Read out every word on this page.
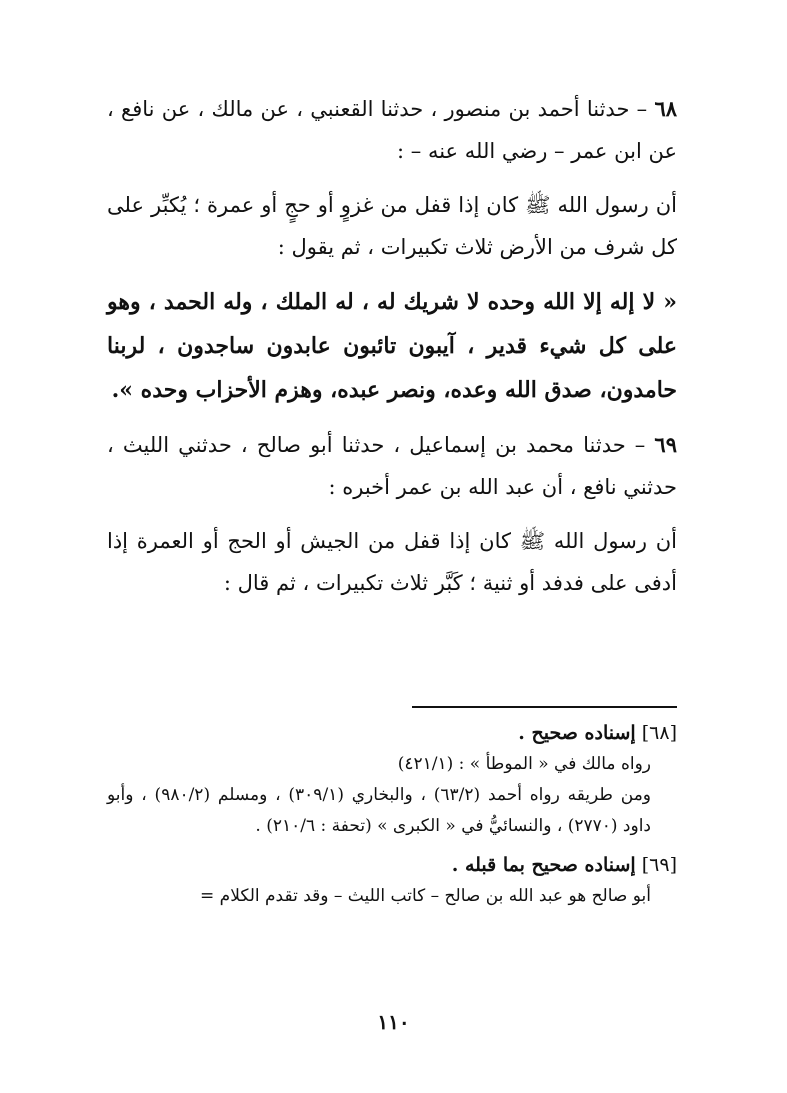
٦٨ – حدثنا أحمد بن منصور ، حدثنا القعنبي ، عن مالك ، عن نافع ، عن ابن عمر – رضي الله عنه – :

أن رسول الله ﷺ كان إذا قفل من غزوٍ أو حجٍ أو عمرة ؛ يُكبِّر على كل شرف من الأرض ثلاث تكبيرات ، ثم يقول :

« لا إله إلا الله وحده لا شريك له ، له الملك ، وله الحمد ، وهو على كل شيء قدير ، آيبون تائبون عابدون ساجدون ، لربنا حامدون، صدق الله وعده، ونصر عبده، وهزم الأحزاب وحده ».

٦٩ – حدثنا محمد بن إسماعيل ، حدثنا أبو صالح ، حدثني الليث ، حدثني نافع ، أن عبد الله بن عمر أخبره :

أن رسول الله ﷺ كان إذا قفل من الجيش أو الحج أو العمرة إذا أدفى على فدفد أو ثنية ؛ كَبَّر ثلاث تكبيرات ، ثم قال :

[٦٨] إسناده صحيح .
رواه مالك في « الموطأ » : (٤٢١/١)
ومن طريقه رواه أحمد (٦٣/٢) ، والبخاري (٣٠٩/١) ، ومسلم (٩٨٠/٢) ، وأبو داود (٢٧٧٠) ، والنسائيُّ في « الكبرى » (تحفة : ٢١٠/٦) .
[٦٩] إسناده صحيح بما قبله .
أبو صالح هو عبد الله بن صالح – كاتب الليث – وقد تقدم الكلام =
١١٠
